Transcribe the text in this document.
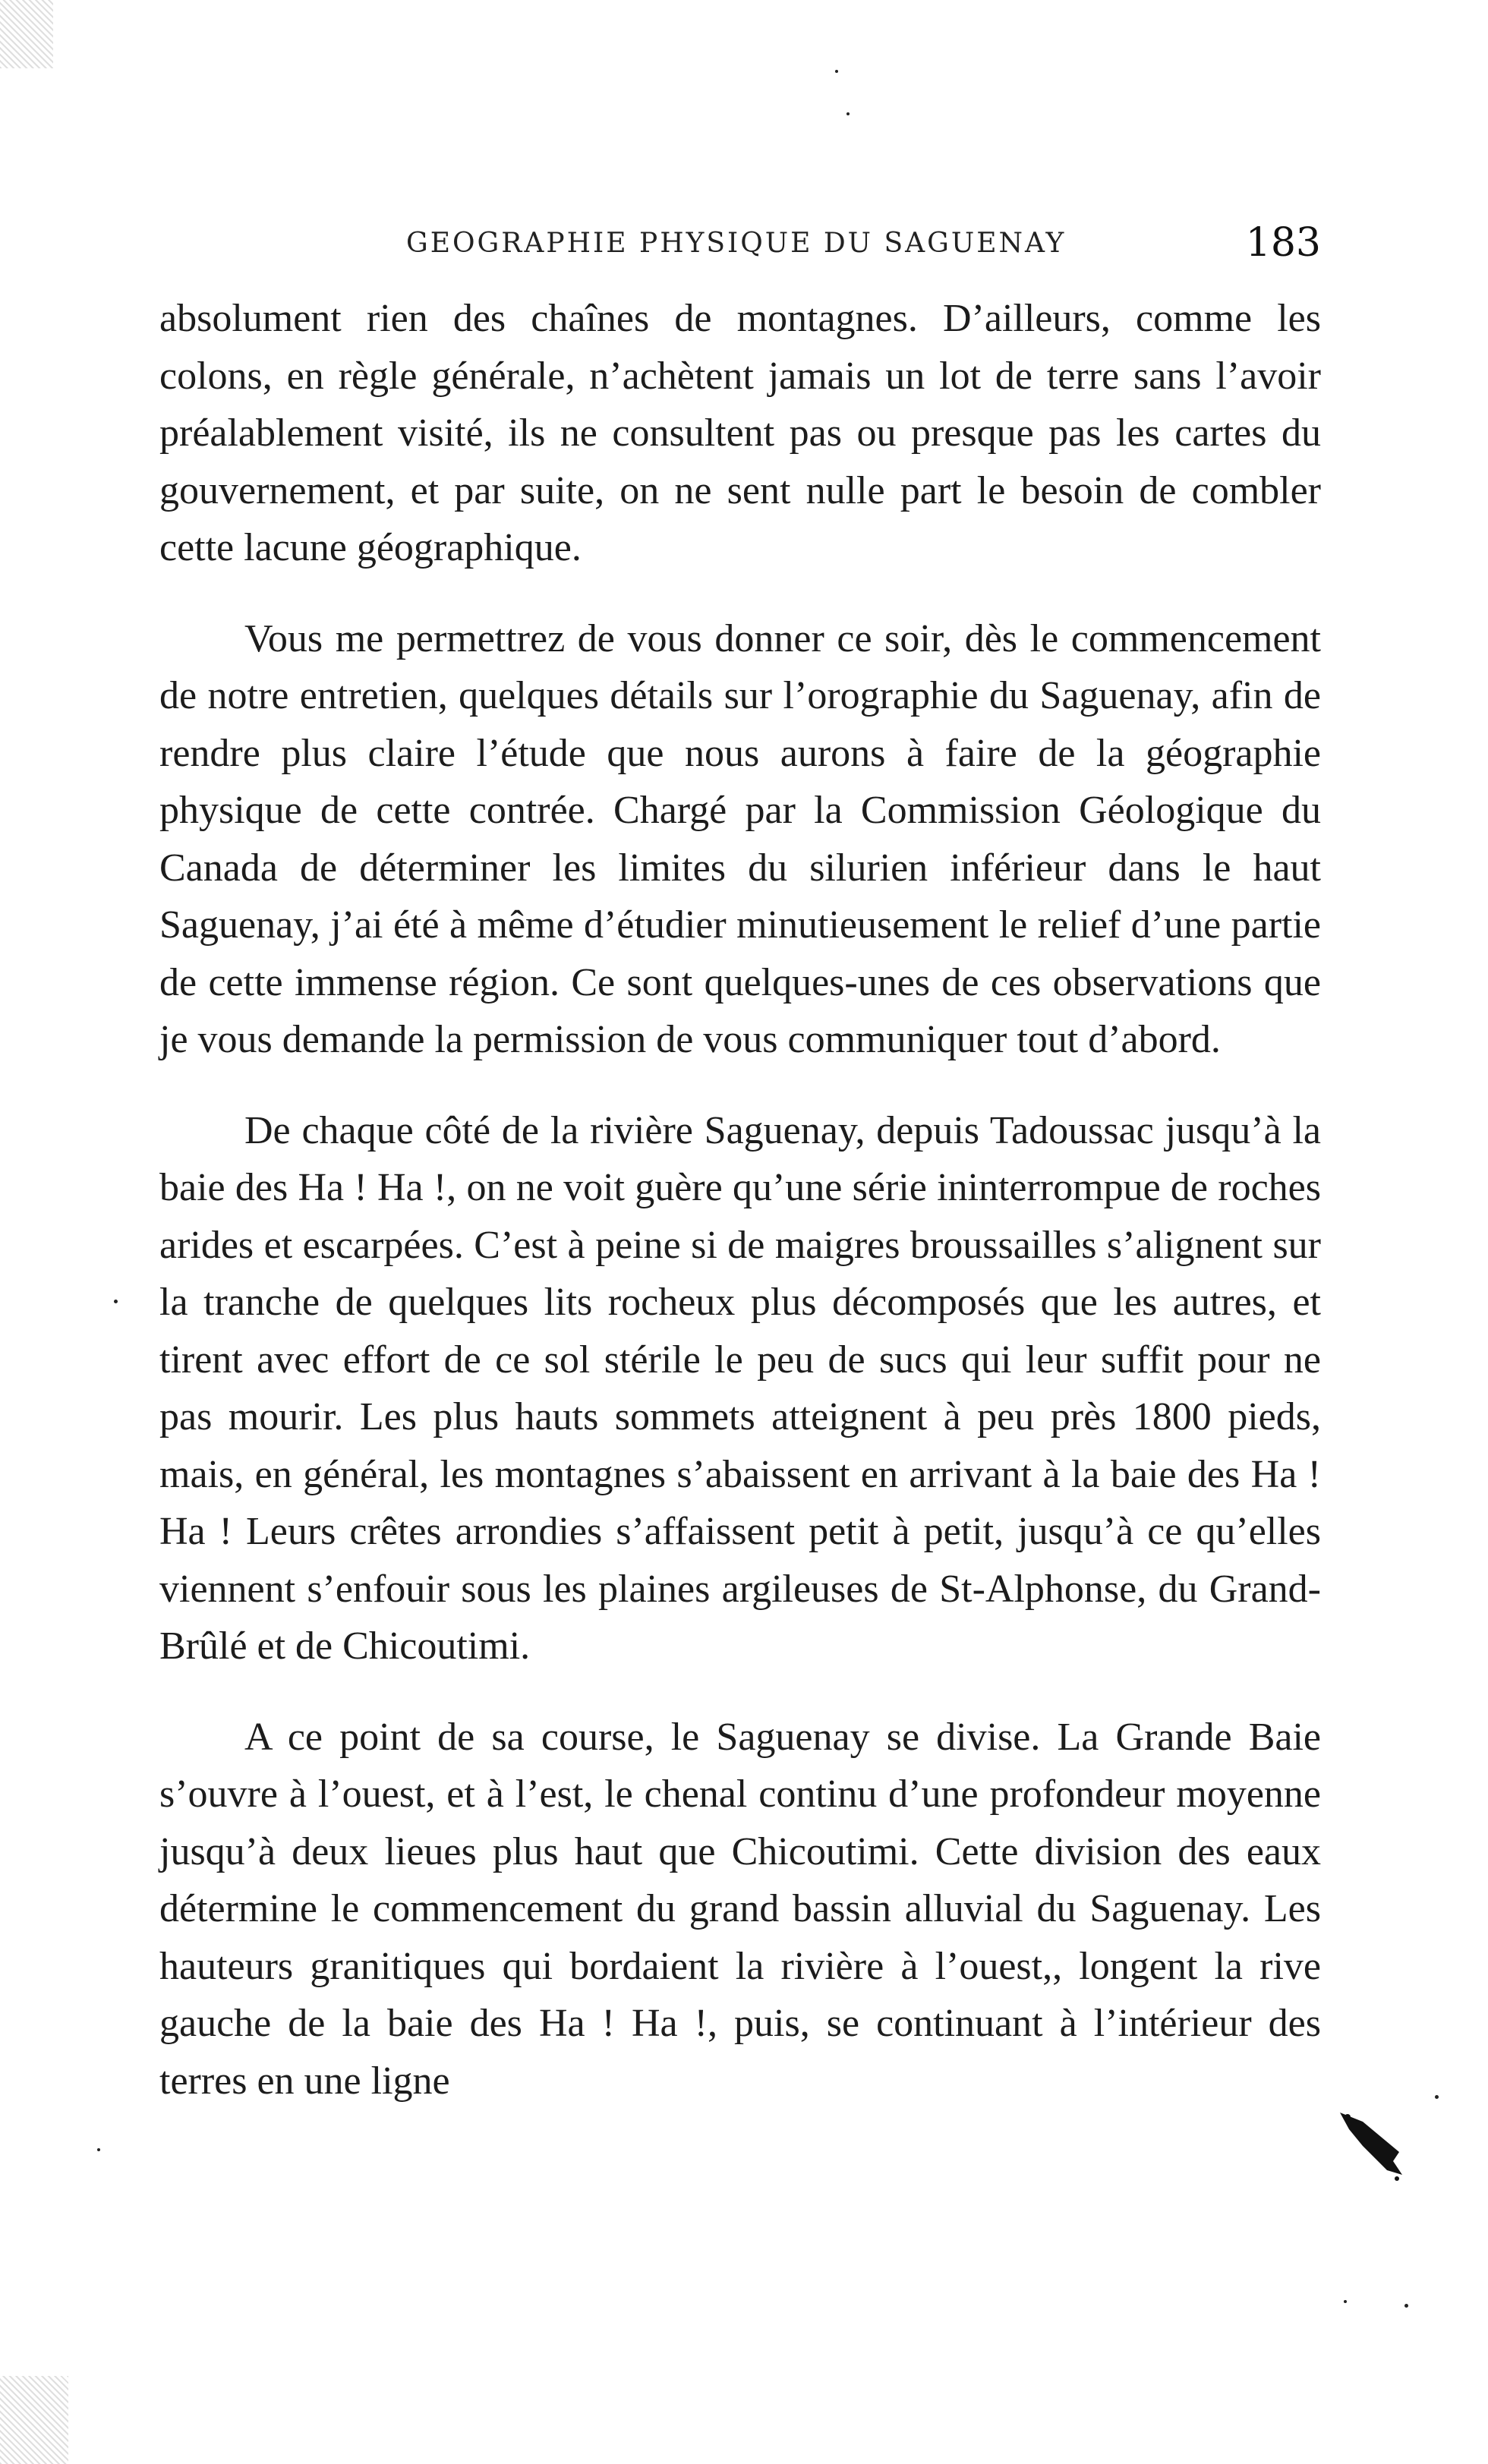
GEOGRAPHIE PHYSIQUE DU SAGUENAY	183

absolument rien des chaînes de montagnes. D’ailleurs, comme les colons, en règle générale, n’achètent jamais un lot de terre sans l’avoir préalablement visité, ils ne consultent pas ou presque pas les cartes du gouvernement, et par suite, on ne sent nulle part le besoin de combler cette lacune géographique.

Vous me permettrez de vous donner ce soir, dès le commencement de notre entretien, quelques détails sur l’orographie du Saguenay, afin de rendre plus claire l’étude que nous aurons à faire de la géographie physique de cette contrée. Chargé par la Commission Géologique du Canada de déterminer les limites du silurien inférieur dans le haut Saguenay, j’ai été à même d’étudier minutieusement le relief d’une partie de cette immense région. Ce sont quelques-unes de ces observations que je vous demande la permission de vous communiquer tout d’abord.

De chaque côté de la rivière Saguenay, depuis Tadoussac jusqu’à la baie des Ha ! Ha !, on ne voit guère qu’une série ininterrompue de roches arides et escarpées. C’est à peine si de maigres broussailles s’alignent sur la tranche de quelques lits rocheux plus décomposés que les autres, et tirent avec effort de ce sol stérile le peu de sucs qui leur suffit pour ne pas mourir. Les plus hauts sommets atteignent à peu près 1800 pieds, mais, en général, les montagnes s’abaissent en arrivant à la baie des Ha ! Ha ! Leurs crêtes arrondies s’affaissent petit à petit, jusqu’à ce qu’elles viennent s’enfouir sous les plaines argileuses de St-Alphonse, du Grand-Brûlé et de Chicoutimi.

A ce point de sa course, le Saguenay se divise. La Grande Baie s’ouvre à l’ouest, et à l’est, le chenal continu d’une profondeur moyenne jusqu’à deux lieues plus haut que Chicoutimi. Cette division des eaux détermine le commencement du grand bassin alluvial du Saguenay. Les hauteurs granitiques qui bordaient la rivière à l’ouest,, longent la rive gauche de la baie des Ha ! Ha !, puis, se continuant à l’intérieur des terres en une ligne
